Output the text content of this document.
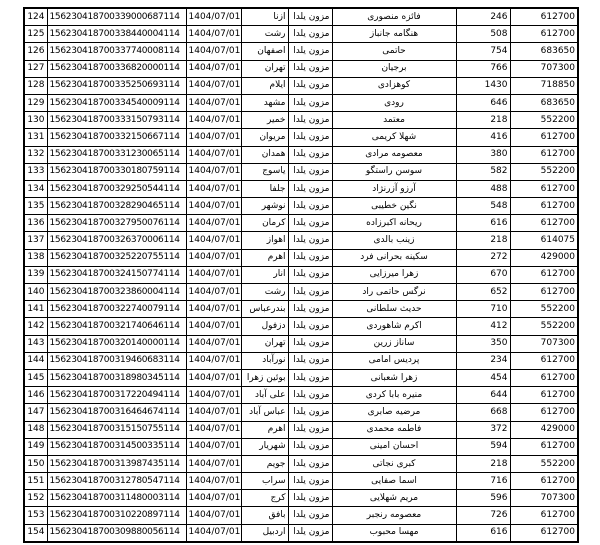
124	156230418700339000687114	1404/07/01	ازنا	مزون یلدا	فائزه منصوری	246	612700
125	156230418700338440004114	1404/07/01	رشت	مزون یلدا	هنگامه جانباز	508	612700
126	156230418700337740008114	1404/07/01	اصفهان	مزون یلدا	حاتمی	754	683650
127	156230418700336820000114	1404/07/01	تهران	مزون یلدا	برجیان	766	707300
128	156230418700335250693114	1404/07/01	ایلام	مزون یلدا	کوهزادی	1430	718850
129	156230418700334540009114	1404/07/01	مشهد	مزون یلدا	رودی	646	683650
130	156230418700333150793114	1404/07/01	خمیر	مزون یلدا	معتمد	218	552200
131	156230418700332150667114	1404/07/01	مریوان	مزون یلدا	شهلا کریمی	416	612700
132	156230418700331230065114	1404/07/01	همدان	مزون یلدا	معصومه مرادی	380	612700
133	156230418700330180759114	1404/07/01	یاسوج	مزون یلدا	سوسن راستگو	582	552200
134	156230418700329250544114	1404/07/01	جلفا	مزون یلدا	آرزو آزرنژاد	488	612700
135	156230418700328290465114	1404/07/01	نوشهر	مزون یلدا	نگین خطیبی	548	612700
136	156230418700327950076114	1404/07/01	کرمان	مزون یلدا	ریحانه اکبرزاده	616	612700
137	156230418700326370006114	1404/07/01	اهواز	مزون یلدا	زینب بالدی	218	614075
138	156230418700325220755114	1404/07/01	اهرم	مزون یلدا	سکینه بحرانی فرد	272	429000
139	156230418700324150774114	1404/07/01	انار	مزون یلدا	زهرا میرزایی	670	612700
140	156230418700323860004114	1404/07/01	رشت	مزون یلدا	نرگس حاتمی راد	652	612700
141	156230418700322740079114	1404/07/01	بندرعباس	مزون یلدا	حدیث سلطانی	710	552200
142	156230418700321740646114	1404/07/01	دزفول	مزون یلدا	اکرم شاهوردی	412	552200
143	156230418700320140000114	1404/07/01	تهران	مزون یلدا	ساناز زرین	350	707300
144	156230418700319460683114	1404/07/01	نورآباد	مزون یلدا	پردیس امامی	234	612700
145	156230418700318980345114	1404/07/01	بوئین زهرا	مزون یلدا	زهرا شعبانی	454	612700
146	156230418700317220494114	1404/07/01	علی آباد	مزون یلدا	منیره بابا کردی	644	612700
147	156230418700316464674114	1404/07/01	عباس آباد	مزون یلدا	مرضیه صابری	668	612700
148	156230418700315150755114	1404/07/01	اهرم	مزون یلدا	فاطمه محمدی	372	429000
149	156230418700314500335114	1404/07/01	شهریار	مزون یلدا	احسان امینی	594	612700
150	156230418700313987435114	1404/07/01	جویم	مزون یلدا	کبری نجاتی	218	552200
151	156230418700312780547114	1404/07/01	سراب	مزون یلدا	اسما صفایی	716	612700
152	156230418700311480003114	1404/07/01	کرج	مزون یلدا	مریم شهلایی	596	707300
153	156230418700310220897114	1404/07/01	بافق	مزون یلدا	معصومه رنجبر	726	612700
154	156230418700309880056114	1404/07/01	اردبیل	مزون یلدا	مهسا محبوب	616	612700
